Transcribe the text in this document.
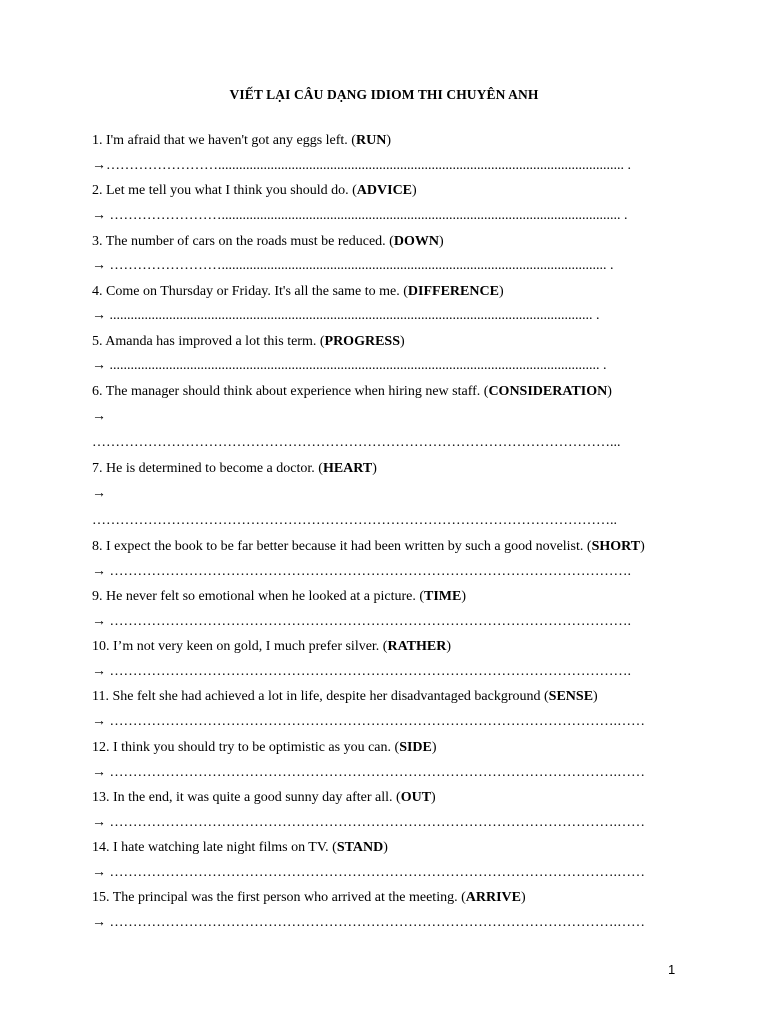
VIẾT LẠI CÂU DẠNG IDIOM THI CHUYÊN ANH
1. I'm afraid that we haven't got any eggs left. (RUN)
→…………………….................................................................................................................... .
2. Let me tell you what I think you should do. (ADVICE)
→ …………………….................................................................................................................. .
3. The number of cars on the roads must be reduced. (DOWN)
→ …………………….............................................................................................................. .
4. Come on Thursday or Friday. It's all the same to me. (DIFFERENCE)
→ .......................................................................................................................................... .
5. Amanda has improved a lot this term. (PROGRESS)
→ ............................................................................................................................................ .
6. The manager should think about experience when hiring new staff. (CONSIDERATION)
→
…………………………………………………………………………………………………...
7. He is determined to become a doctor. (HEART)
→
…………………………………………………………………………………………………..
8. I expect the book to be far better because it had been written by such a good novelist. (SHORT)
→ ………………………………………………………………………………………………….
9. He never felt so emotional when he looked at a picture. (TIME)
→ ………………………………………………………………………………………………….
10. I’m not very keen on gold, I much prefer silver. (RATHER)
→ ………………………………………………………………………………………………….
11. She felt she had achieved a lot in life, despite her disadvantaged background (SENSE)
→ ……………………………………………………………………………………………….……
12. I think you should try to be optimistic as you can. (SIDE)
→ ……………………………………………………………………………………………….……
13. In the end, it was quite a good sunny day after all. (OUT)
→ ……………………………………………………………………………………………….……
14. I hate watching late night films on TV. (STAND)
→ ……………………………………………………………………………………………….……
15. The principal was the first person who arrived at the meeting. (ARRIVE)
→ ……………………………………………………………………………………………….……
1
